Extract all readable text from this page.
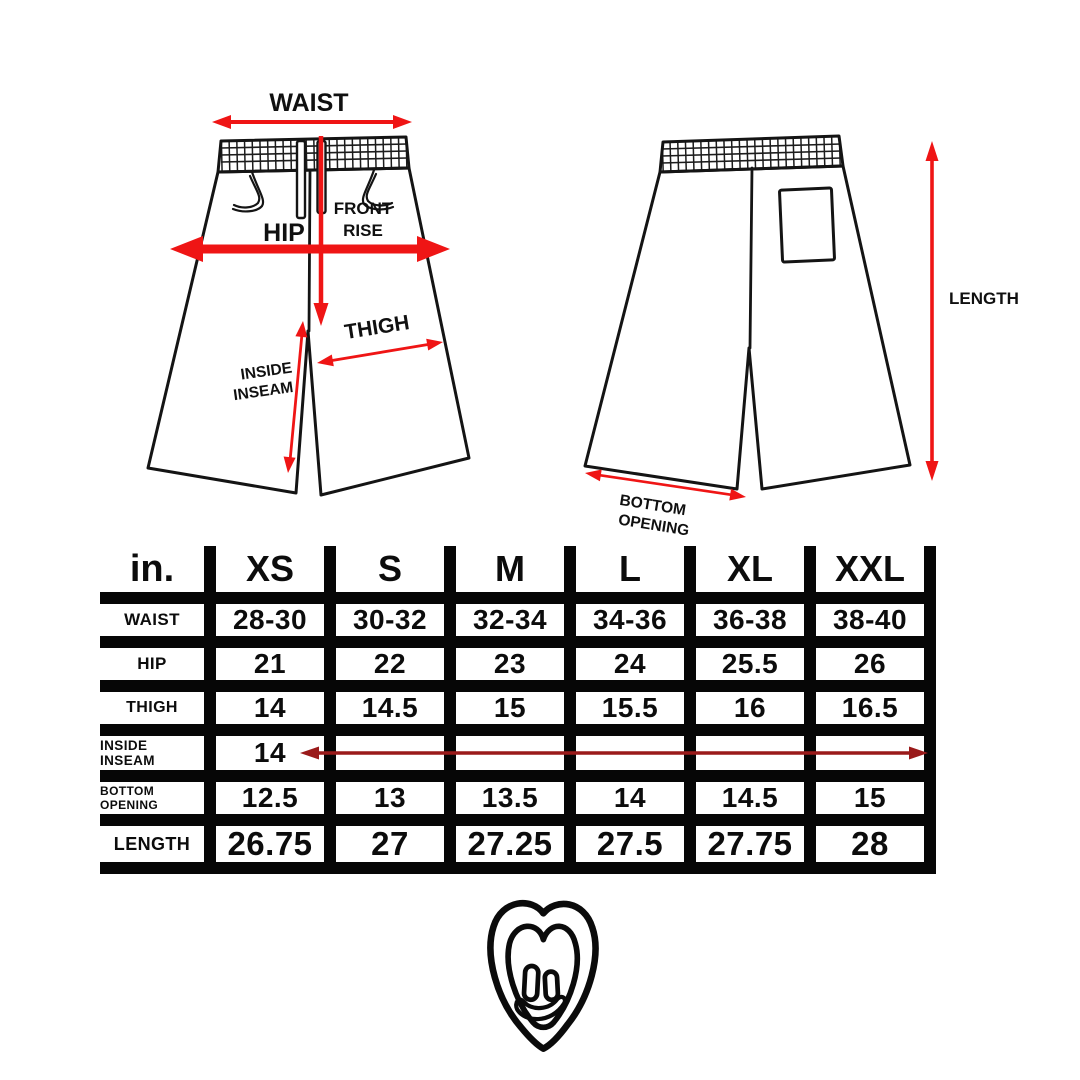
WAIST
HIP
FRONT
RISE
THIGH
INSIDE
INSEAM
LENGTH
BOTTOM
OPENING
in.	XS	S	M	L	XL	XXL
WAIST	28-30	30-32	32-34	34-36	36-38	38-40
HIP	21	22	23	24	25.5	26
THIGH	14	14.5	15	15.5	16	16.5
INSIDE INSEAM	14
BOTTOM OPENING	12.5	13	13.5	14	14.5	15
LENGTH	26.75	27	27.25	27.5	27.75	28
